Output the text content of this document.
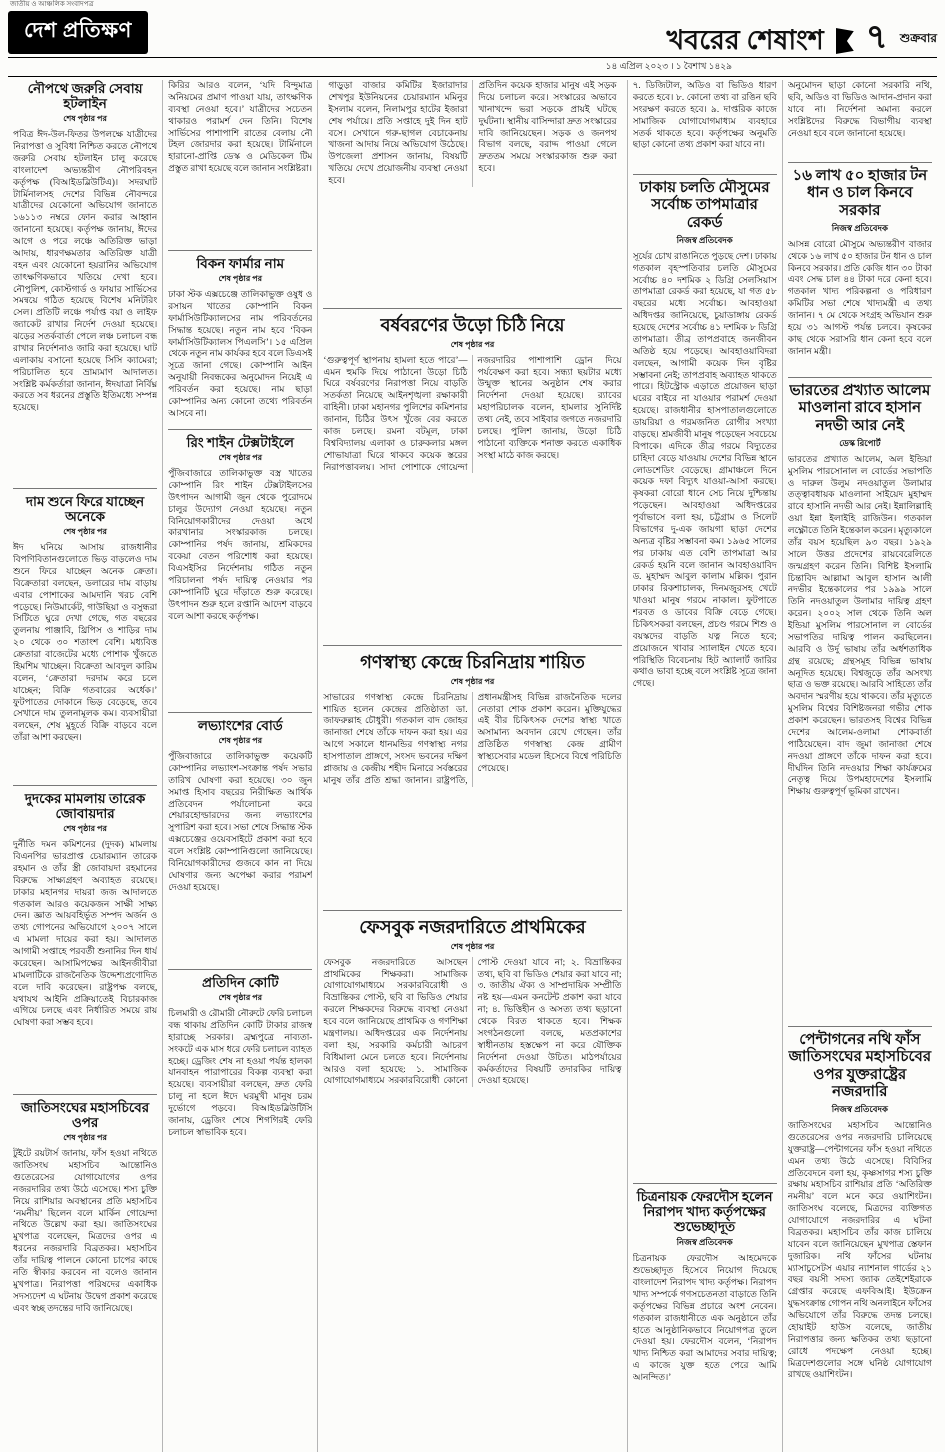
জাতীয় ও আঞ্চলিক সংবাদপত্র
দেশ প্রতিক্ষণ	খবরের শেষাংশ ৭ শুক্রবার
১৪ এপ্রিল ২০২৩ । ১ বৈশাখ ১৪২৯
নৌপথে জরুরি সেবায় হটলাইন
শেষ পৃষ্ঠার পর

পবিত্র ঈদ-উল-ফিতর উপলক্ষে যাত্রীদের নিরাপত্তা ও সুবিধা নিশ্চিত করতে নৌপথে জরুরি সেবায় হটলাইন চালু করেছে বাংলাদেশ অভ্যন্তরীণ নৌপরিবহন কর্তৃপক্ষ (বিআইডব্লিউটিএ)। সদরঘাট টার্মিনালসহ দেশের বিভিন্ন নৌবন্দরে যাত্রীদের যেকোনো অভিযোগ জানাতে ১৬১১৩ নম্বরে ফোন করার আহ্বান জানানো হয়েছে। কর্তৃপক্ষ জানায়, ঈদের আগে ও পরে লঞ্চে অতিরিক্ত ভাড়া আদায়, ধারণক্ষমতার অতিরিক্ত যাত্রী বহন এবং যেকোনো হয়রানির অভিযোগ তাৎক্ষণিকভাবে খতিয়ে দেখা হবে। নৌপুলিশ, কোস্টগার্ড ও ফায়ার সার্ভিসের সমন্বয়ে গঠিত হয়েছে বিশেষ মনিটরিং সেল। প্রতিটি লঞ্চে পর্যাপ্ত বয়া ও লাইফ জ্যাকেট রাখার নির্দেশ দেওয়া হয়েছে। ঝড়ের সতর্কবার্তা পেলে লঞ্চ চলাচল বন্ধ রাখার নির্দেশনাও জারি করা হয়েছে। ঘাট এলাকায় বসানো হয়েছে সিসি ক্যামেরা; পরিচালিত হবে ভ্রাম্যমাণ আদালত। সংশ্লিষ্ট কর্মকর্তারা জানান, ঈদযাত্রা নির্বিঘ্ন করতে সব ধরনের প্রস্তুতি ইতিমধ্যে সম্পন্ন হয়েছে।

দাম শুনে ফিরে যাচ্ছেন অনেকে
শেষ পৃষ্ঠার পর

ঈদ ঘনিয়ে আসায় রাজধানীর বিপণিবিতানগুলোতে ভিড় বাড়লেও দাম শুনে ফিরে যাচ্ছেন অনেক ক্রেতা। বিক্রেতারা বলছেন, ডলারের দাম বাড়ায় এবার পোশাকের আমদানি খরচ বেশি পড়েছে। নিউমার্কেট, গাউছিয়া ও বসুন্ধরা সিটিতে ঘুরে দেখা গেছে, গত বছরের তুলনায় পাঞ্জাবি, থ্রিপিস ও শাড়ির দাম ২০ থেকে ৩০ শতাংশ বেশি। মধ্যবিত্ত ক্রেতারা বাজেটের মধ্যে পোশাক খুঁজতে হিমশিম খাচ্ছেন। বিক্রেতা আবদুল কারিম বলেন, ‘ক্রেতারা দরদাম করে চলে যাচ্ছেন; বিক্রি গতবারের অর্ধেক।’ ফুটপাতের দোকানে ভিড় বেড়েছে, তবে সেখানে দাম তুলনামূলক কম। ব্যবসায়ীরা বলছেন, শেষ মুহূর্তে বিক্রি বাড়বে বলে তাঁরা আশা করছেন।

দুদকের মামলায় তারেক জোবায়দার
শেষ পৃষ্ঠার পর

দুর্নীতি দমন কমিশনের (দুদক) মামলায় বিএনপির ভারপ্রাপ্ত চেয়ারম্যান তারেক রহমান ও তাঁর স্ত্রী জোবায়দা রহমানের বিরুদ্ধে সাক্ষ্যগ্রহণ অব্যাহত রয়েছে। ঢাকার মহানগর দায়রা জজ আদালতে গতকাল আরও কয়েকজন সাক্ষী সাক্ষ্য দেন। জ্ঞাত আয়বহির্ভূত সম্পদ অর্জন ও তথ্য গোপনের অভিযোগে ২০০৭ সালে এ মামলা দায়ের করা হয়। আদালত আগামী সপ্তাহে পরবর্তী শুনানির দিন ধার্য করেছেন। আসামিপক্ষের আইনজীবীরা মামলাটিকে রাজনৈতিক উদ্দেশ্যপ্রণোদিত বলে দাবি করেছেন। রাষ্ট্রপক্ষ বলছে, যথাযথ আইনি প্রক্রিয়াতেই বিচারকাজ এগিয়ে চলছে এবং নির্ধারিত সময়ে রায় ঘোষণা করা সম্ভব হবে।

জাতিসংঘের মহাসচিবের ওপর
শেষ পৃষ্ঠার পর

টুইটে রয়টার্স জানায়, ফাঁস হওয়া নথিতে জাতিসংঘ মহাসচিব আন্তোনিও গুতেরেসের যোগাযোগের ওপর নজরদারির তথ্য উঠে এসেছে। শস্য চুক্তি নিয়ে রাশিয়ার অবস্থানের প্রতি মহাসচিব ‘নমনীয়’ ছিলেন বলে মার্কিন গোয়েন্দা নথিতে উল্লেখ করা হয়। জাতিসংঘের মুখপাত্র বলেছেন, মিত্রদের ওপর এ ধরনের নজরদারি বিব্রতকর। মহাসচিব তাঁর দায়িত্ব পালনে কোনো চাপের কাছে নতি স্বীকার করবেন না বলেও জানান মুখপাত্র। নিরাপত্তা পরিষদের একাধিক সদস্যদেশ এ ঘটনায় উদ্বেগ প্রকাশ করেছে এবং স্বচ্ছ তদন্তের দাবি জানিয়েছে।

কিরির আরও বলেন, ‘যদি বিন্দুমাত্র অনিয়মের প্রমাণ পাওয়া যায়, তাৎক্ষণিক ব্যবস্থা নেওয়া হবে।’ যাত্রীদের সচেতন থাকারও পরামর্শ দেন তিনি। বিশেষ সার্ভিসের পাশাপাশি রাতের বেলায় নৌ টহল জোরদার করা হয়েছে। টার্মিনালে হারানো-প্রাপ্তি ডেস্ক ও মেডিকেল টিম প্রস্তুত রাখা হয়েছে বলে জানান সংশ্লিষ্টরা।

বিকন ফার্মার নাম
শেষ পৃষ্ঠার পর

ঢাকা স্টক এক্সচেঞ্জে তালিকাভুক্ত ওষুধ ও রসায়ন খাতের কোম্পানি বিকন ফার্মাসিউটিক্যালসের নাম পরিবর্তনের সিদ্ধান্ত হয়েছে। নতুন নাম হবে ‘বিকন ফার্মাসিউটিক্যালস পিএলসি’। ১৫ এপ্রিল থেকে নতুন নাম কার্যকর হবে বলে ডিএসই সূত্রে জানা গেছে। কোম্পানি আইন অনুযায়ী নিবন্ধকের অনুমোদন নিয়েই এ পরিবর্তন করা হয়েছে। নাম ছাড়া কোম্পানির অন্য কোনো তথ্যে পরিবর্তন আসবে না।

রিং শাইন টেক্সটাইলে
শেষ পৃষ্ঠার পর

পুঁজিবাজারে তালিকাভুক্ত বস্ত্র খাতের কোম্পানি রিং শাইন টেক্সটাইলসের উৎপাদন আগামী জুন থেকে পুরোদমে চালুর উদ্যোগ নেওয়া হয়েছে। নতুন বিনিয়োগকারীদের দেওয়া অর্থে কারখানার সংস্কারকাজ চলছে। কোম্পানির পর্ষদ জানায়, শ্রমিকদের বকেয়া বেতন পরিশোধ করা হয়েছে। বিএসইসির নির্দেশনায় গঠিত নতুন পরিচালনা পর্ষদ দায়িত্ব নেওয়ার পর কোম্পানিটি ঘুরে দাঁড়াতে শুরু করেছে। উৎপাদন শুরু হলে রপ্তানি আদেশ বাড়বে বলে আশা করছে কর্তৃপক্ষ।

লভ্যাংশের বোর্ড
শেষ পৃষ্ঠার পর

পুঁজিবাজারে তালিকাভুক্ত কয়েকটি কোম্পানির লভ্যাংশ-সংক্রান্ত পর্ষদ সভার তারিখ ঘোষণা করা হয়েছে। ৩০ জুন সমাপ্ত হিসাব বছরের নিরীক্ষিত আর্থিক প্রতিবেদন পর্যালোচনা করে শেয়ারহোল্ডারদের জন্য লভ্যাংশের সুপারিশ করা হবে। সভা শেষে সিদ্ধান্ত স্টক এক্সচেঞ্জের ওয়েবসাইটে প্রকাশ করা হবে বলে সংশ্লিষ্ট কোম্পানিগুলো জানিয়েছে। বিনিয়োগকারীদের গুজবে কান না দিয়ে ঘোষণার জন্য অপেক্ষা করার পরামর্শ দেওয়া হয়েছে।

প্রতিদিন কোটি
শেষ পৃষ্ঠার পর

চিলমারী ও রৌমারী নৌরুটে ফেরি চলাচল বন্ধ থাকায় প্রতিদিন কোটি টাকার রাজস্ব হারাচ্ছে সরকার। ব্রহ্মপুত্রে নাব্যতা-সংকটে এক মাস ধরে ফেরি চলাচল ব্যাহত হচ্ছে। ড্রেজিং শেষ না হওয়া পর্যন্ত হালকা যানবাহন পারাপারের বিকল্প ব্যবস্থা করা হয়েছে। ব্যবসায়ীরা বলছেন, দ্রুত ফেরি চালু না হলে ঈদে ঘরমুখী মানুষ চরম দুর্ভোগে পড়বে। বিআইডব্লিউটিসি জানায়, ড্রেজিং শেষে শিগগিরই ফেরি চলাচল স্বাভাবিক হবে।

গাড়ুড়া বাজার কমিটির ইজারাদার শেখপুর ইউনিয়নের চেয়ারম্যান মমিনুর ইসলাম বলেন, নিলামপুর হাটের ইজারা শেষ পর্যায়ে। প্রতি সপ্তাহে দুই দিন হাট বসে। সেখানে গরু-ছাগল বেচাকেনায় খাজনা আদায় নিয়ে অভিযোগ উঠেছে। উপজেলা প্রশাসন জানায়, বিষয়টি খতিয়ে দেখে প্রয়োজনীয় ব্যবস্থা নেওয়া হবে।

প্রতিদিন কয়েক হাজার মানুষ এই সড়ক দিয়ে চলাচল করে। সংস্কারের অভাবে খানাখন্দে ভরা সড়কে প্রায়ই ঘটছে দুর্ঘটনা। স্থানীয় বাসিন্দারা দ্রুত সংস্কারের দাবি জানিয়েছেন। সড়ক ও জনপথ বিভাগ বলছে, বরাদ্দ পাওয়া গেলে দ্রুততম সময়ে সংস্কারকাজ শুরু করা হবে।

বর্ষবরণের উড়ো চিঠি নিয়ে
শেষ পৃষ্ঠার পর

‘গুরুত্বপূর্ণ স্থাপনায় হামলা হতে পারে’—এমন হুমকি দিয়ে পাঠানো উড়ো চিঠি ঘিরে বর্ষবরণের নিরাপত্তা নিয়ে বাড়তি সতর্কতা নিয়েছে আইনশৃঙ্খলা রক্ষাকারী বাহিনী। ঢাকা মহানগর পুলিশের কমিশনার জানান, চিঠির উৎস খুঁজে বের করতে কাজ চলছে। রমনা বটমূল, ঢাকা বিশ্ববিদ্যালয় এলাকা ও চারুকলার মঙ্গল শোভাযাত্রা ঘিরে থাকবে কয়েক স্তরের নিরাপত্তাবলয়। সাদা পোশাকে গোয়েন্দা নজরদারির পাশাপাশি ড্রোন দিয়ে পর্যবেক্ষণ করা হবে। সন্ধ্যা ছয়টার মধ্যে উন্মুক্ত স্থানের অনুষ্ঠান শেষ করার নির্দেশনা দেওয়া হয়েছে। র‌্যাবের মহাপরিচালক বলেন, হামলার সুনির্দিষ্ট তথ্য নেই, তবে সাইবার জগতে নজরদারি চলছে। পুলিশ জানায়, উড়ো চিঠি পাঠানো ব্যক্তিকে শনাক্ত করতে একাধিক সংস্থা মাঠে কাজ করছে।

গণস্বাস্থ্য কেন্দ্রে চিরনিদ্রায় শায়িত
শেষ পৃষ্ঠার পর

সাভারের গণস্বাস্থ্য কেন্দ্রে চিরনিদ্রায় শায়িত হলেন কেন্দ্রের প্রতিষ্ঠাতা ডা. জাফরুল্লাহ চৌধুরী। গতকাল বাদ জোহর জানাজা শেষে তাঁকে দাফন করা হয়। এর আগে সকালে ধানমন্ডির গণস্বাস্থ্য নগর হাসপাতাল প্রাঙ্গণে, সংসদ ভবনের দক্ষিণ প্লাজায় ও কেন্দ্রীয় শহীদ মিনারে সর্বস্তরের মানুষ তাঁর প্রতি শ্রদ্ধা জানান। রাষ্ট্রপতি, প্রধানমন্ত্রীসহ বিভিন্ন রাজনৈতিক দলের নেতারা শোক প্রকাশ করেন। মুক্তিযুদ্ধের এই বীর চিকিৎসক দেশের স্বাস্থ্য খাতে অসামান্য অবদান রেখে গেছেন। তাঁর প্রতিষ্ঠিত গণস্বাস্থ্য কেন্দ্র গ্রামীণ স্বাস্থ্যসেবার মডেল হিসেবে বিশ্বে পরিচিতি পেয়েছে।

ফেসবুক নজরদারিতে প্রাথমিকের
শেষ পৃষ্ঠার পর

ফেসবুক নজরদারিতে আসছেন প্রাথমিকের শিক্ষকরা। সামাজিক যোগাযোগমাধ্যমে সরকারবিরোধী ও বিভ্রান্তিকর পোস্ট, ছবি বা ভিডিও শেয়ার করলে শিক্ষকদের বিরুদ্ধে ব্যবস্থা নেওয়া হবে বলে জানিয়েছে প্রাথমিক ও গণশিক্ষা মন্ত্রণালয়। অধিদপ্তরের এক নির্দেশনায় বলা হয়, সরকারি কর্মচারী আচরণ বিধিমালা মেনে চলতে হবে। নির্দেশনায় আরও বলা হয়েছে: ১. সামাজিক যোগাযোগমাধ্যমে সরকারবিরোধী কোনো পোস্ট দেওয়া যাবে না; ২. বিভ্রান্তিকর তথ্য, ছবি বা ভিডিও শেয়ার করা যাবে না; ৩. জাতীয় ঐক্য ও সাম্প্রদায়িক সম্প্রীতি নষ্ট হয়—এমন কনটেন্ট প্রকাশ করা যাবে না; ৪. ভিত্তিহীন ও অসত্য তথ্য ছড়ানো থেকে বিরত থাকতে হবে। শিক্ষক সংগঠনগুলো বলছে, মতপ্রকাশের স্বাধীনতায় হস্তক্ষেপ না করে যৌক্তিক নির্দেশনা দেওয়া উচিত। মাঠপর্যায়ের কর্মকর্তাদের বিষয়টি তদারকির দায়িত্ব দেওয়া হয়েছে।

৭. ডিজিটাল, অডিও বা ভিডিও ধারণ করতে হবে। ৮. কোনো তথ্য বা রঙিন ছবি সংরক্ষণ করতে হবে। ৯. দাপ্তরিক কাজে সামাজিক যোগাযোগমাধ্যম ব্যবহারে সতর্ক থাকতে হবে। কর্তৃপক্ষের অনুমতি ছাড়া কোনো তথ্য প্রকাশ করা যাবে না।

ঢাকায় চলতি মৌসুমের সর্বোচ্চ তাপমাত্রার রেকর্ড
নিজস্ব প্রতিবেদক

সূর্যের চোখ রাঙানিতে পুড়ছে দেশ। ঢাকায় গতকাল বৃহস্পতিবার চলতি মৌসুমের সর্বোচ্চ ৪০ দশমিক ২ ডিগ্রি সেলসিয়াস তাপমাত্রা রেকর্ড করা হয়েছে, যা গত ৫৮ বছরের মধ্যে সর্বোচ্চ। আবহাওয়া অধিদপ্তর জানিয়েছে, চুয়াডাঙ্গায় রেকর্ড হয়েছে দেশের সর্বোচ্চ ৪১ দশমিক ৮ ডিগ্রি তাপমাত্রা। তীব্র তাপপ্রবাহে জনজীবন অতিষ্ঠ হয়ে পড়েছে। আবহাওয়াবিদরা বলছেন, আগামী কয়েক দিন বৃষ্টির সম্ভাবনা নেই; তাপপ্রবাহ অব্যাহত থাকতে পারে। হিটস্ট্রোক এড়াতে প্রয়োজন ছাড়া ঘরের বাইরে না যাওয়ার পরামর্শ দেওয়া হয়েছে। রাজধানীর হাসপাতালগুলোতে ডায়রিয়া ও গরমজনিত রোগীর সংখ্যা বাড়ছে। শ্রমজীবী মানুষ পড়েছেন সবচেয়ে বিপাকে। এদিকে তীব্র গরমে বিদ্যুতের চাহিদা বেড়ে যাওয়ায় দেশের বিভিন্ন স্থানে লোডশেডিং বেড়েছে। গ্রামাঞ্চলে দিনে কয়েক দফা বিদ্যুৎ যাওয়া-আসা করছে। কৃষকরা বোরো ধানে সেচ নিয়ে দুশ্চিন্তায় পড়েছেন। আবহাওয়া অধিদপ্তরের পূর্বাভাসে বলা হয়, চট্টগ্রাম ও সিলেট বিভাগের দু-এক জায়গা ছাড়া দেশের অন্যত্র বৃষ্টির সম্ভাবনা কম। ১৯৬৫ সালের পর ঢাকায় এত বেশি তাপমাত্রা আর রেকর্ড হয়নি বলে জানান আবহাওয়াবিদ ড. মুহাম্মদ আবুল কালাম মল্লিক। পুরান ঢাকার রিকশাচালক, দিনমজুরসহ খেটে খাওয়া মানুষ গরমে নাকাল। ফুটপাতে শরবত ও ডাবের বিক্রি বেড়ে গেছে। চিকিৎসকরা বলছেন, প্রচণ্ড গরমে শিশু ও বয়স্কদের বাড়তি যত্ন নিতে হবে; প্রয়োজনে খাবার স্যালাইন খেতে হবে। পরিস্থিতি বিবেচনায় হিট অ্যালার্ট জারির কথাও ভাবা হচ্ছে বলে সংশ্লিষ্ট সূত্রে জানা গেছে।

চিত্রনায়ক ফেরদৌস হলেন নিরাপদ খাদ্য কর্তৃপক্ষের শুভেচ্ছাদূত
নিজস্ব প্রতিবেদক

চিত্রনায়ক ফেরদৌস আহমেদকে শুভেচ্ছাদূত হিসেবে নিয়োগ দিয়েছে বাংলাদেশ নিরাপদ খাদ্য কর্তৃপক্ষ। নিরাপদ খাদ্য সম্পর্কে গণসচেতনতা বাড়াতে তিনি কর্তৃপক্ষের বিভিন্ন প্রচারে অংশ নেবেন। গতকাল রাজধানীতে এক অনুষ্ঠানে তাঁর হাতে আনুষ্ঠানিকভাবে নিয়োগপত্র তুলে দেওয়া হয়। ফেরদৌস বলেন, ‘নিরাপদ খাদ্য নিশ্চিত করা আমাদের সবার দায়িত্ব; এ কাজে যুক্ত হতে পেরে আমি আনন্দিত।’

অনুমোদন ছাড়া কোনো সরকারি নথি, ছবি, অডিও বা ভিডিও আদান-প্রদান করা যাবে না। নির্দেশনা অমান্য করলে সংশ্লিষ্টদের বিরুদ্ধে বিভাগীয় ব্যবস্থা নেওয়া হবে বলে জানানো হয়েছে।

১৬ লাখ ৫০ হাজার টন ধান ও চাল কিনবে সরকার
নিজস্ব প্রতিবেদক

আসন্ন বোরো মৌসুমে অভ্যন্তরীণ বাজার থেকে ১৬ লাখ ৫০ হাজার টন ধান ও চাল কিনবে সরকার। প্রতি কেজি ধান ৩০ টাকা এবং সেদ্ধ চাল ৪৪ টাকা দরে কেনা হবে। গতকাল খাদ্য পরিকল্পনা ও পরিধারণ কমিটির সভা শেষে খাদ্যমন্ত্রী এ তথ্য জানান। ৭ মে থেকে সংগ্রহ অভিযান শুরু হয়ে ৩১ আগস্ট পর্যন্ত চলবে। কৃষকের কাছ থেকে সরাসরি ধান কেনা হবে বলে জানান মন্ত্রী।

ভারতের প্রখ্যাত আলেম মাওলানা রাবে হাসান নদভী আর নেই
ডেস্ক রিপোর্ট

ভারতের প্রখ্যাত আলেম, অল ইন্ডিয়া মুসলিম পারসোনাল ল বোর্ডের সভাপতি ও দারুল উলুম নদওয়াতুল উলামার তত্ত্বাবধায়ক মাওলানা সাইয়েদ মুহাম্মদ রাবে হাসানি নদভী আর নেই। ইন্নালিল্লাহি ওয়া ইন্না ইলাইহি রাজিউন। গতকাল লক্ষ্ণৌতে তিনি ইন্তেকাল করেন। মৃত্যুকালে তাঁর বয়স হয়েছিল ৯৩ বছর। ১৯২৯ সালে উত্তর প্রদেশের রায়বেরেলিতে জন্মগ্রহণ করেন তিনি। বিশিষ্ট ইসলামি চিন্তাবিদ আল্লামা আবুল হাসান আলী নদভীর ইন্তেকালের পর ১৯৯৯ সালে তিনি নদওয়াতুল উলামার দায়িত্ব গ্রহণ করেন। ২০০২ সাল থেকে তিনি অল ইন্ডিয়া মুসলিম পারসোনাল ল বোর্ডের সভাপতির দায়িত্ব পালন করছিলেন। আরবি ও উর্দু ভাষায় তাঁর অর্ধশতাধিক গ্রন্থ রয়েছে; গ্রন্থসমূহ বিভিন্ন ভাষায় অনূদিত হয়েছে। বিশ্বজুড়ে তাঁর অসংখ্য ছাত্র ও ভক্ত রয়েছে। আরবি সাহিত্যে তাঁর অবদান স্মরণীয় হয়ে থাকবে। তাঁর মৃত্যুতে মুসলিম বিশ্বের বিশিষ্টজনরা গভীর শোক প্রকাশ করেছেন। ভারতসহ বিশ্বের বিভিন্ন দেশের আলেম-ওলামা শোকবার্তা পাঠিয়েছেন। বাদ জুমা জানাজা শেষে নদওয়া প্রাঙ্গণে তাঁকে দাফন করা হবে। দীর্ঘদিন তিনি নদওয়ার শিক্ষা কার্যক্রমের নেতৃত্ব দিয়ে উপমহাদেশের ইসলামি শিক্ষায় গুরুত্বপূর্ণ ভূমিকা রাখেন।

পেন্টাগনের নথি ফাঁস জাতিসংঘের মহাসচিবের ওপর যুক্তরাষ্ট্রের নজরদারি
নিজস্ব প্রতিবেদক

জাতিসংঘের মহাসচিব আন্তোনিও গুতেরেসের ওপর নজরদারি চালিয়েছে যুক্তরাষ্ট্র—পেন্টাগনের ফাঁস হওয়া নথিতে এমন তথ্য উঠে এসেছে। বিবিসির প্রতিবেদনে বলা হয়, কৃষ্ণসাগর শস্য চুক্তি রক্ষায় মহাসচিব রাশিয়ার প্রতি ‘অতিরিক্ত নমনীয়’ বলে মনে করে ওয়াশিংটন। জাতিসংঘ বলেছে, মিত্রদের ব্যক্তিগত যোগাযোগে নজরদারির এ ঘটনা বিব্রতকর। মহাসচিব তাঁর কাজ চালিয়ে যাবেন বলে জানিয়েছেন মুখপাত্র স্তেফান দুজারিক। নথি ফাঁসের ঘটনায় ম্যাসাচুসেটস এয়ার ন্যাশনাল গার্ডের ২১ বছর বয়সী সদস্য জ্যাক তেইশেইরাকে গ্রেপ্তার করেছে এফবিআই। ইউক্রেন যুদ্ধসংক্রান্ত গোপন নথি অনলাইনে ফাঁসের অভিযোগে তাঁর বিরুদ্ধে তদন্ত চলছে। হোয়াইট হাউস বলেছে, জাতীয় নিরাপত্তার জন্য ক্ষতিকর তথ্য ছড়ানো রোধে পদক্ষেপ নেওয়া হচ্ছে। মিত্রদেশগুলোর সঙ্গে ঘনিষ্ঠ যোগাযোগ রাখছে ওয়াশিংটন।
